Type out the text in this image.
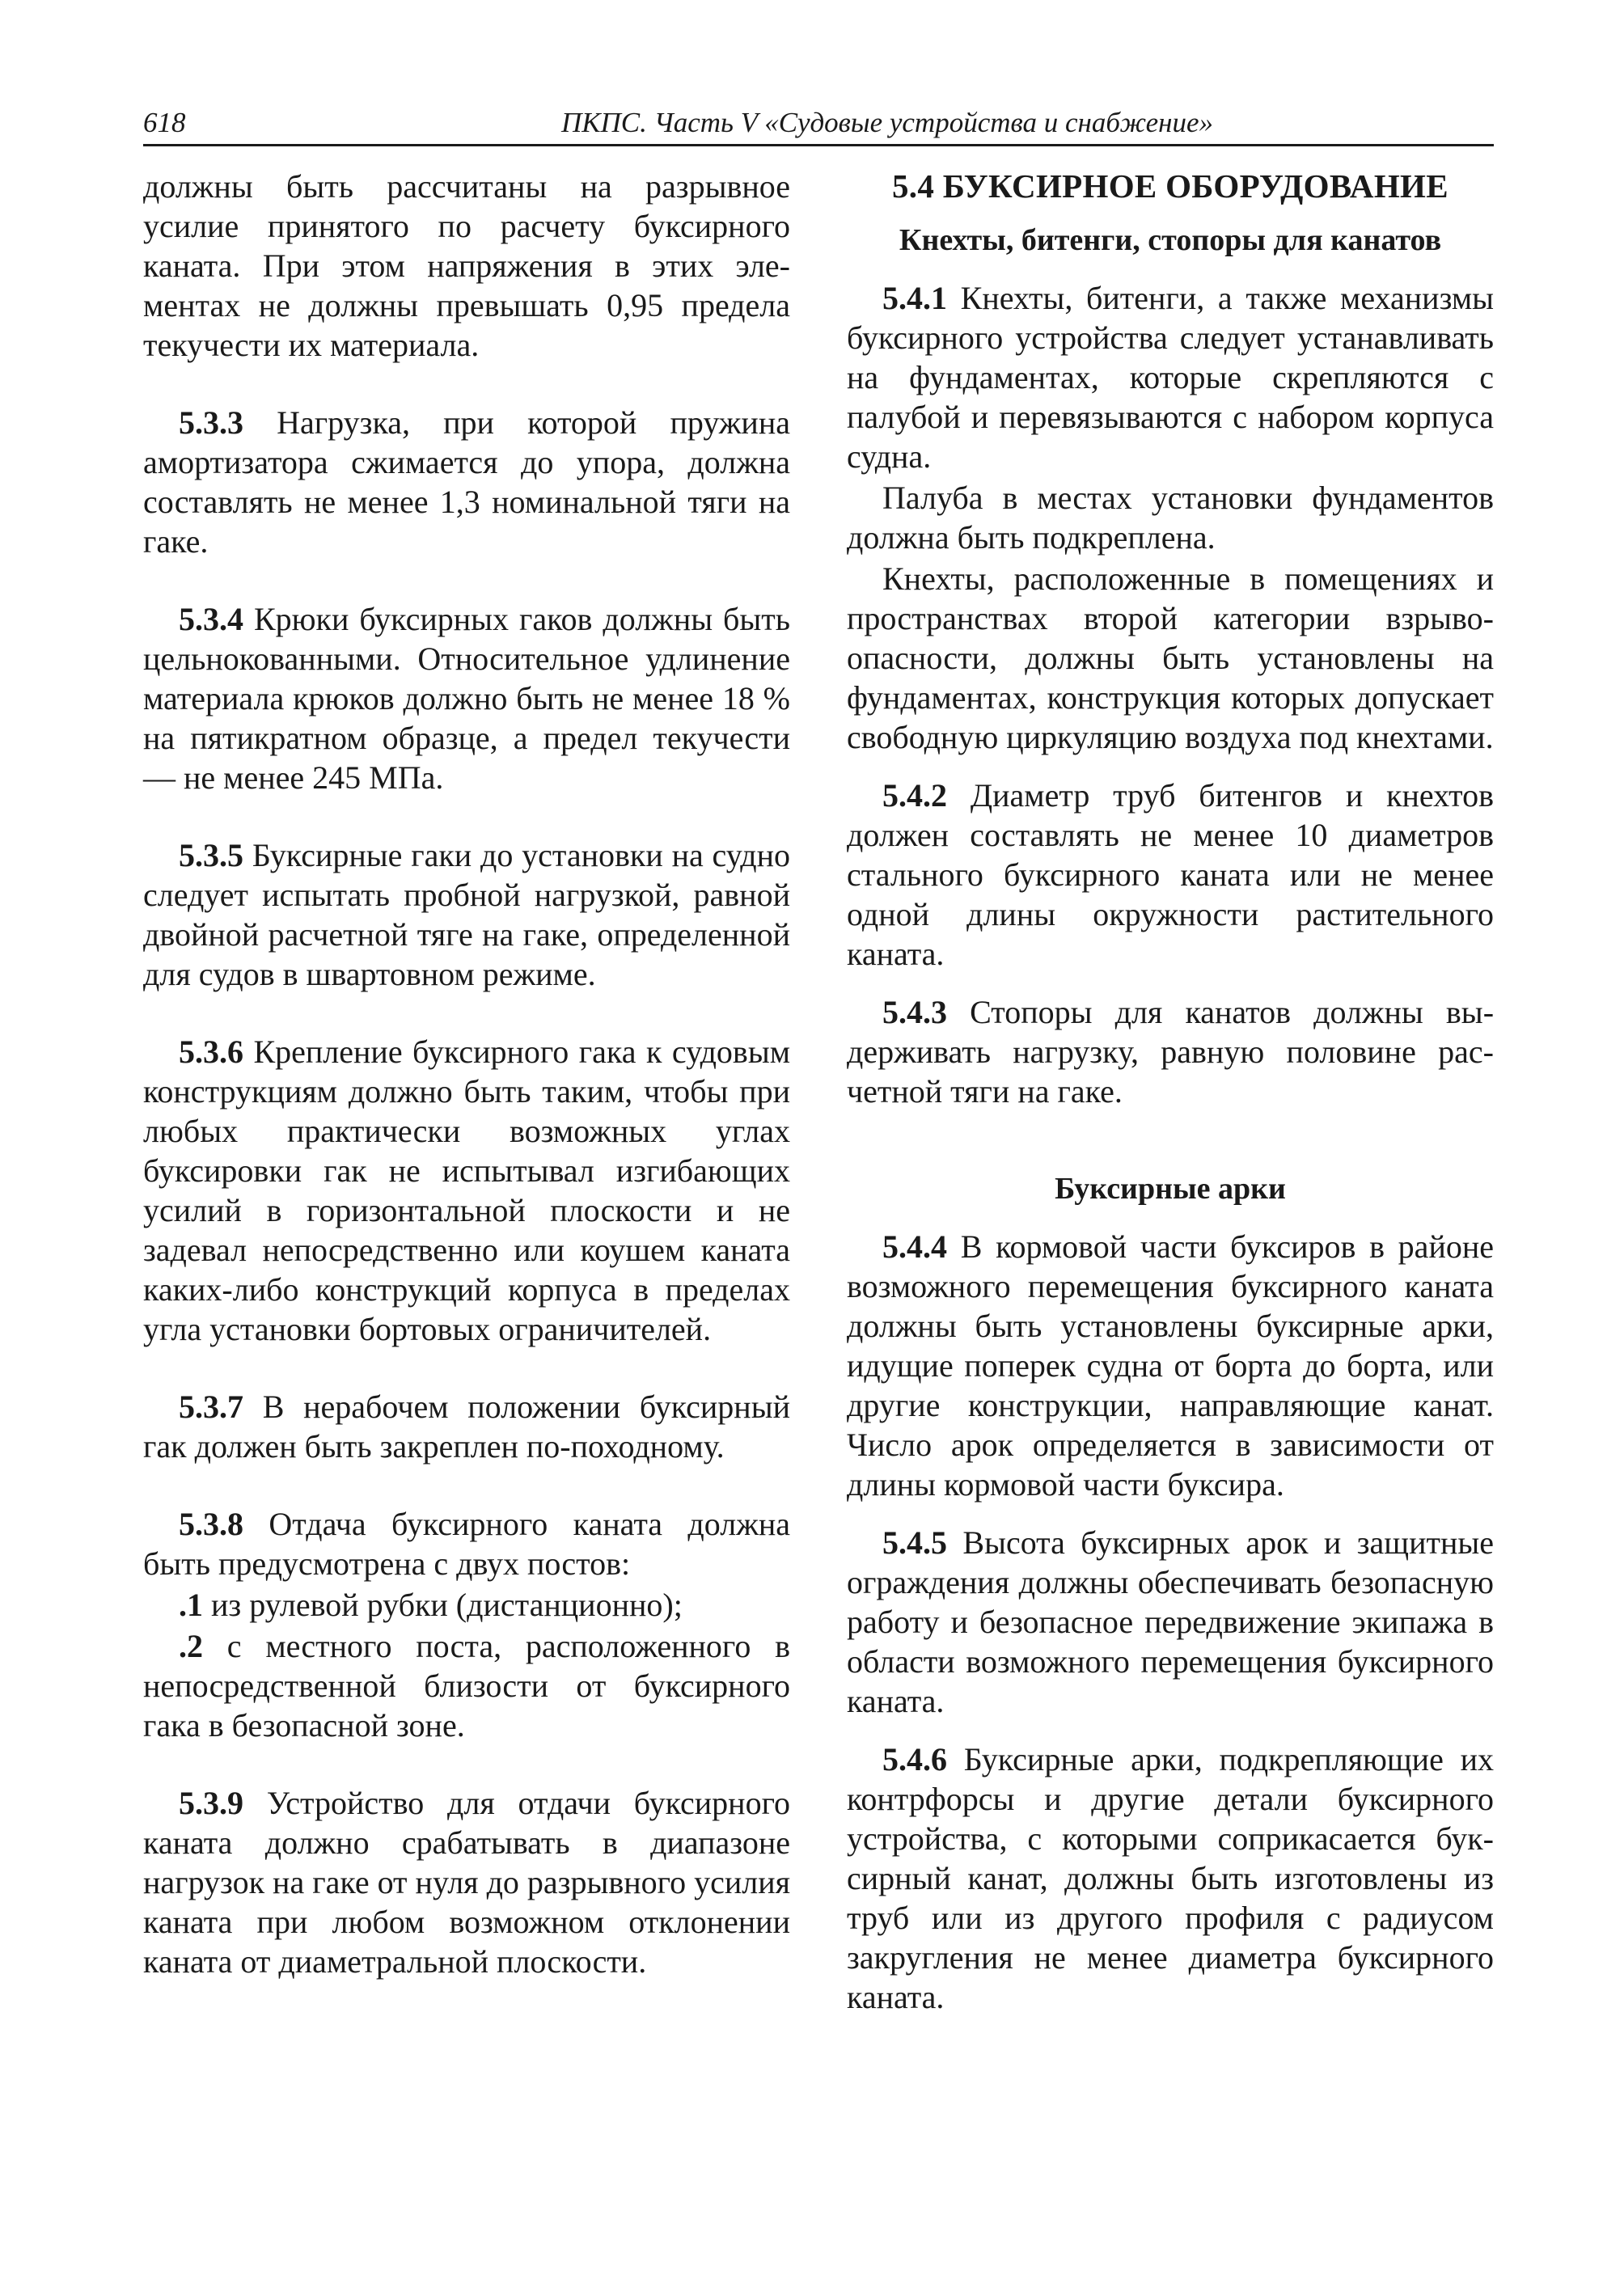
618	ПКПС. Часть V «Судовые устройства и снабжение»

должны быть рассчитаны на разрывное усилие принятого по расчету буксирного каната. При этом напряжения в этих элементах не должны превышать 0,95 предела текучести их материала.

5.3.3 Нагрузка, при которой пружина амортизатора сжимается до упора, должна составлять не менее 1,3 номинальной тяги на гаке.

5.3.4 Крюки буксирных гаков должны быть цельнокованными. Относительное удлинение материала крюков должно быть не менее 18 % на пятикратном образце, а предел текучести — не менее 245 МПа.

5.3.5 Буксирные гаки до установки на судно следует испытать пробной нагрузкой, равной двойной расчетной тяге на гаке, определенной для судов в швартовном режиме.

5.3.6 Крепление буксирного гака к судовым конструкциям должно быть таким, чтобы при любых практически возможных углах буксировки гак не испытывал изгибающих усилий в горизонтальной плоскости и не задевал непосредственно или коушем каната каких-либо конструкций корпуса в пределах угла установки бортовых ограничителей.

5.3.7 В нерабочем положении буксирный гак должен быть закреплен по-походному.

5.3.8 Отдача буксирного каната должна быть предусмотрена с двух постов:

.1 из рулевой рубки (дистанционно);

.2 с местного поста, расположенного в непосредственной близости от буксирного гака в безопасной зоне.

5.3.9 Устройство для отдачи буксирного каната должно срабатывать в диапазоне нагрузок на гаке от нуля до разрывного усилия каната при любом возможном отклонении каната от диаметральной плоскости.

5.4 БУКСИРНОЕ ОБОРУДОВАНИЕ

Кнехты, битенги, стопоры для канатов

5.4.1 Кнехты, битенги, а также механизмы буксирного устройства следует устанавливать на фундаментах, которые скрепляются с палубой и перевязываются с набором корпуса судна.

Палуба в местах установки фундаментов должна быть подкреплена.

Кнехты, расположенные в помещениях и пространствах второй категории взрывоопасности, должны быть установлены на фундаментах, конструкция которых допускает свободную циркуляцию воздуха под кнехтами.

5.4.2 Диаметр труб битенгов и кнехтов должен составлять не менее 10 диаметров стального буксирного каната или не менее одной длины окружности растительного каната.

5.4.3 Стопоры для канатов должны выдерживать нагрузку, равную половине расчетной тяги на гаке.

Буксирные арки

5.4.4 В кормовой части буксиров в районе возможного перемещения буксирного каната должны быть установлены буксирные арки, идущие поперек судна от борта до борта, или другие конструкции, направляющие канат. Число арок определяется в зависимости от длины кормовой части буксира.

5.4.5 Высота буксирных арок и защитные ограждения должны обеспечивать безопасную работу и безопасное передвижение экипажа в области возможного перемещения буксирного каната.

5.4.6 Буксирные арки, подкрепляющие их контрфорсы и другие детали буксирного устройства, с которыми соприкасается буксирный канат, должны быть изготовлены из труб или из другого профиля с радиусом закругления не менее диаметра буксирного каната.
